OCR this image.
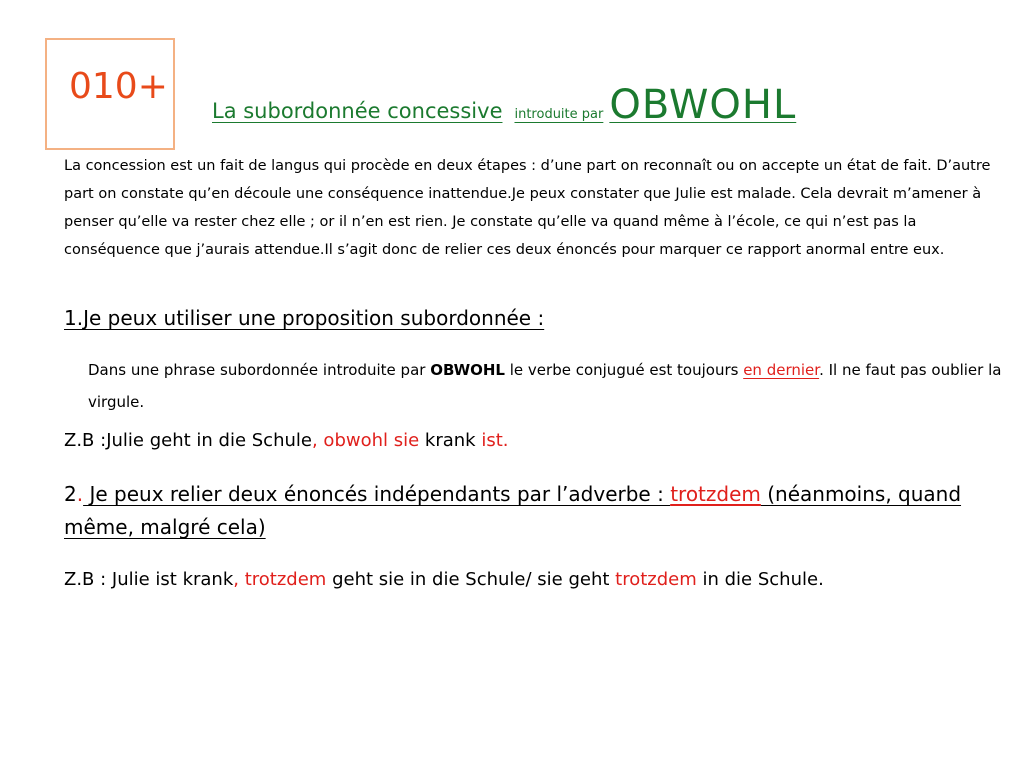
010+
La subordonnée concessive introduite par OBWOHL

La concession est un fait de langus qui procède en deux étapes : d’une part on reconnaît ou on accepte un état de fait. D’autre part on constate qu’en découle une conséquence inattendue.Je peux constater que Julie est malade. Cela devrait m’amener à penser qu’elle va rester chez elle ; or il n’en est rien. Je constate qu’elle va quand même à l’école, ce qui n’est pas la conséquence que j’aurais attendue.Il s’agit donc de relier ces deux énoncés pour marquer ce rapport anormal entre eux.

1.Je peux utiliser une proposition subordonnée :

Dans une phrase subordonnée introduite par OBWOHL le verbe conjugué est toujours en dernier. Il ne faut pas oublier la virgule.

Z.B :Julie geht in die Schule, obwohl sie krank ist.

2. Je peux relier deux énoncés indépendants par l’adverbe : trotzdem (néanmoins, quand même, malgré cela)

Z.B : Julie ist krank, trotzdem geht sie in die Schule/ sie geht trotzdem in die Schule.
